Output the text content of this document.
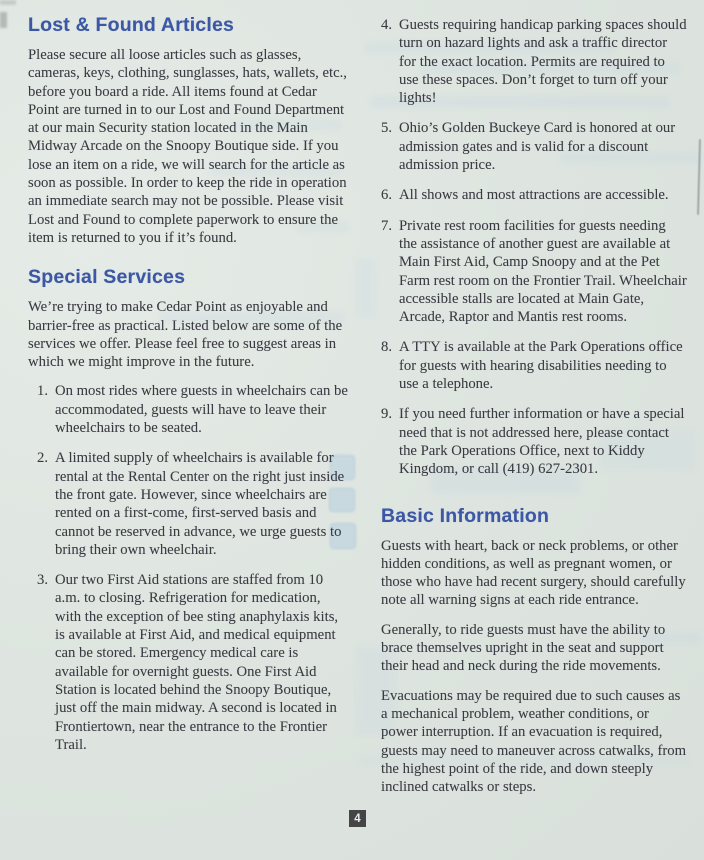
Lost & Found Articles

Please secure all loose articles such as glasses, cameras, keys, clothing, sunglasses, hats, wallets, etc., before you board a ride. All items found at Cedar Point are turned in to our Lost and Found Department at our main Security station located in the Main Midway Arcade on the Snoopy Boutique side. If you lose an item on a ride, we will search for the article as soon as possible. In order to keep the ride in operation an immediate search may not be possible. Please visit Lost and Found to complete paperwork to ensure the item is returned to you if it’s found.

Special Services

We’re trying to make Cedar Point as enjoyable and barrier-free as practical. Listed below are some of the services we offer. Please feel free to suggest areas in which we might improve in the future.

1. On most rides where guests in wheelchairs can be accommodated, guests will have to leave their wheelchairs to be seated.
2. A limited supply of wheelchairs is available for rental at the Rental Center on the right just inside the front gate. However, since wheelchairs are rented on a first-come, first-served basis and cannot be reserved in advance, we urge guests to bring their own wheelchair.
3. Our two First Aid stations are staffed from 10 a.m. to closing. Refrigeration for medication, with the exception of bee sting anaphylaxis kits, is available at First Aid, and medical equipment can be stored. Emergency medical care is available for overnight guests. One First Aid Station is located behind the Snoopy Boutique, just off the main midway. A second is located in Frontiertown, near the entrance to the Frontier Trail.
4. Guests requiring handicap parking spaces should turn on hazard lights and ask a traffic director for the exact location. Permits are required to use these spaces. Don’t forget to turn off your lights!
5. Ohio’s Golden Buckeye Card is honored at our admission gates and is valid for a discount admission price.
6. All shows and most attractions are accessible.
7. Private rest room facilities for guests needing the assistance of another guest are available at Main First Aid, Camp Snoopy and at the Pet Farm rest room on the Frontier Trail. Wheelchair accessible stalls are located at Main Gate, Arcade, Raptor and Mantis rest rooms.
8. A TTY is available at the Park Operations office for guests with hearing disabilities needing to use a telephone.
9. If you need further information or have a special need that is not addressed here, please contact the Park Operations Office, next to Kiddy Kingdom, or call (419) 627-2301.
Basic Information

Guests with heart, back or neck problems, or other hidden conditions, as well as pregnant women, or those who have had recent surgery, should carefully note all warning signs at each ride entrance.

Generally, to ride guests must have the ability to brace themselves upright in the seat and support their head and neck during the ride movements.

Evacuations may be required due to such causes as a mechanical problem, weather conditions, or power interruption. If an evacuation is required, guests may need to maneuver across catwalks, from the highest point of the ride, and down steeply inclined catwalks or steps.

4
